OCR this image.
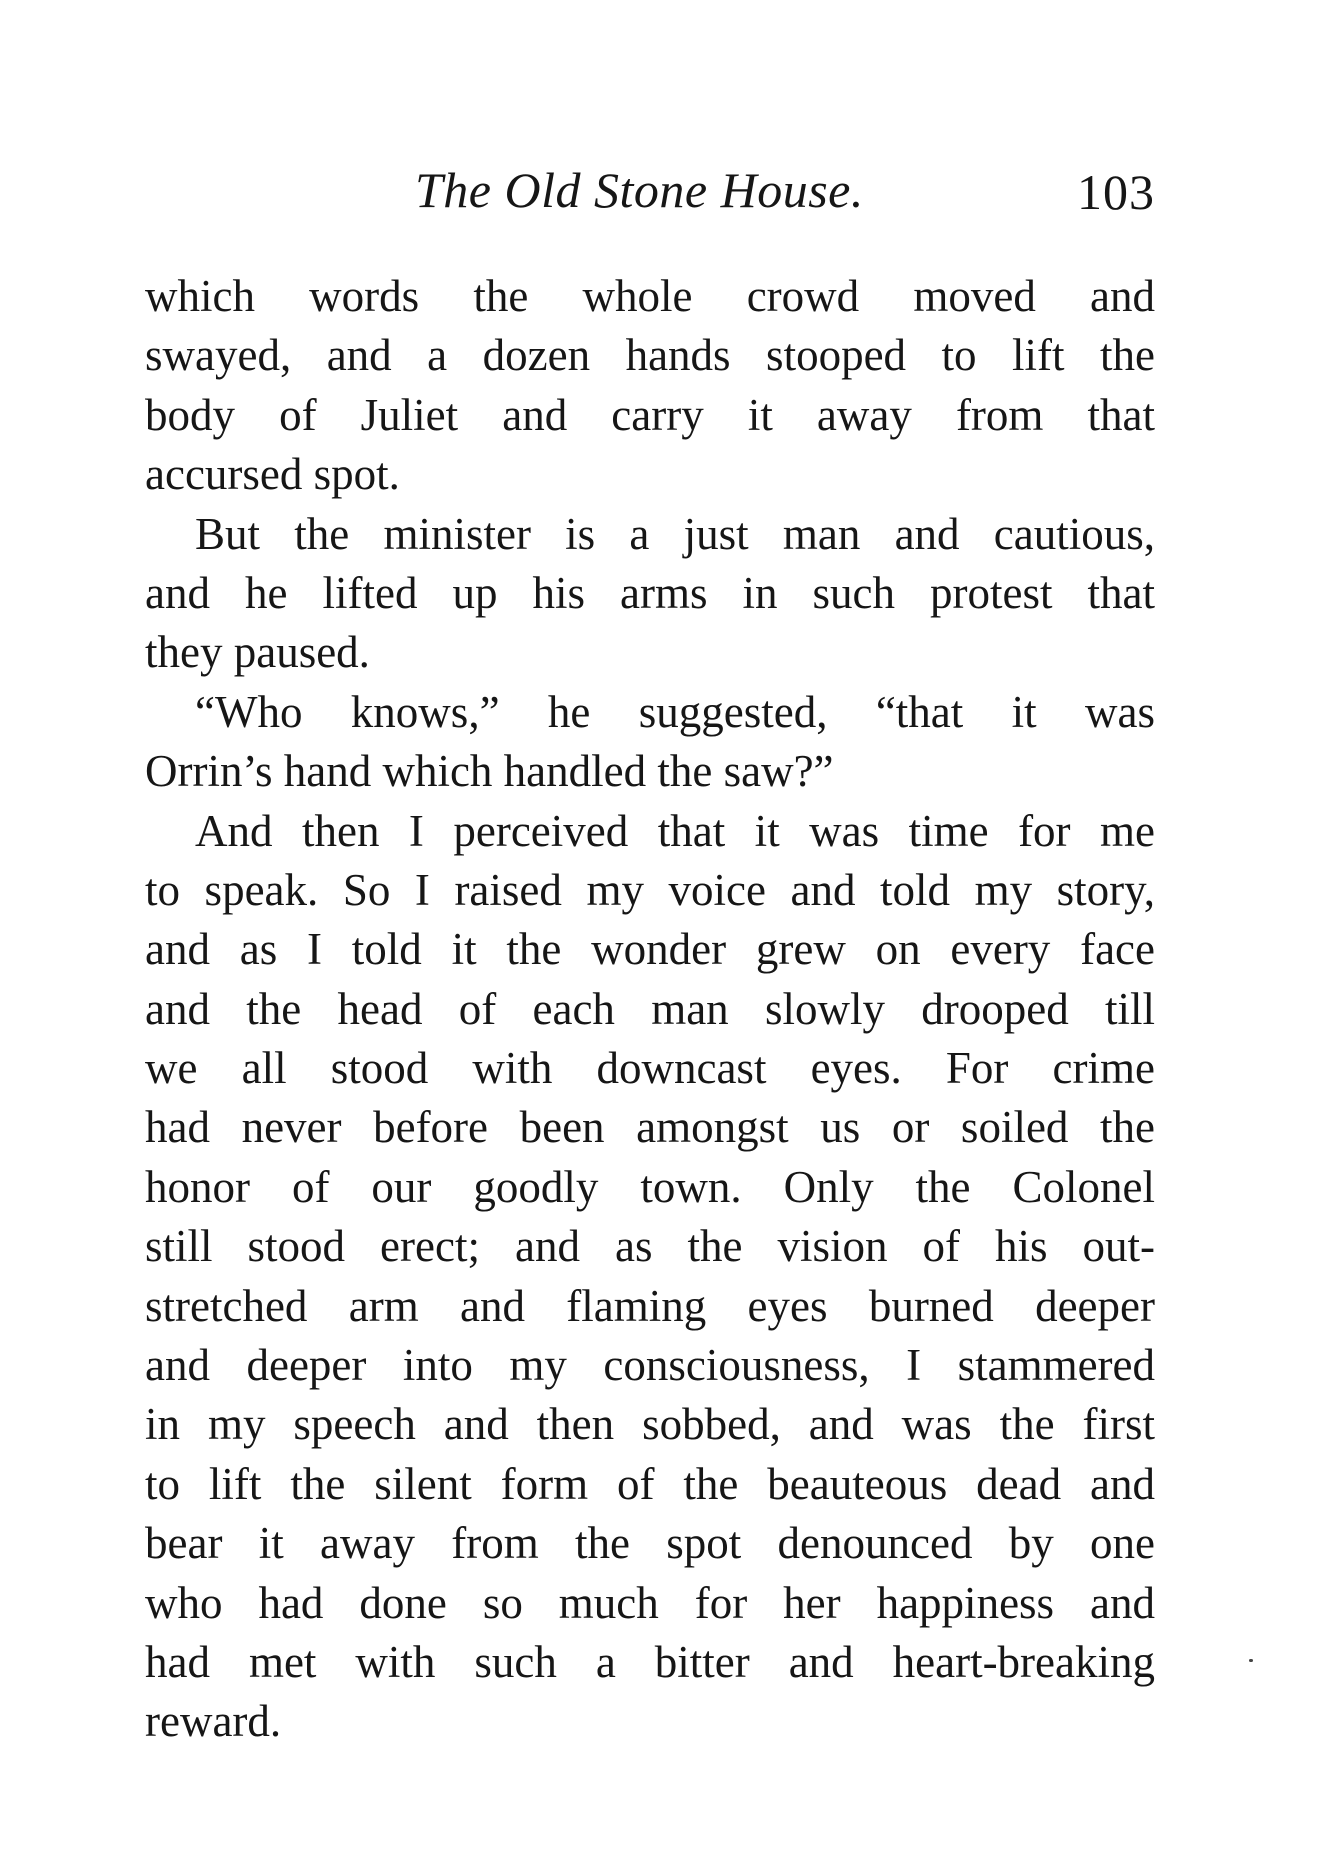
The Old Stone House.	103
which words the whole crowd moved and
swayed, and a dozen hands stooped to lift the
body of Juliet and carry it away from that
accursed spot.
But the minister is a just man and cautious,
and he lifted up his arms in such protest that
they paused.
“Who knows,” he suggested, “that it was
Orrin’s hand which handled the saw?”
And then I perceived that it was time for me
to speak. So I raised my voice and told my story,
and as I told it the wonder grew on every face
and the head of each man slowly drooped till
we all stood with downcast eyes. For crime
had never before been amongst us or soiled the
honor of our goodly town. Only the Colonel
still stood erect; and as the vision of his out-
stretched arm and flaming eyes burned deeper
and deeper into my consciousness, I stammered
in my speech and then sobbed, and was the first
to lift the silent form of the beauteous dead and
bear it away from the spot denounced by one
who had done so much for her happiness and
had met with such a bitter and heart-breaking
reward.
